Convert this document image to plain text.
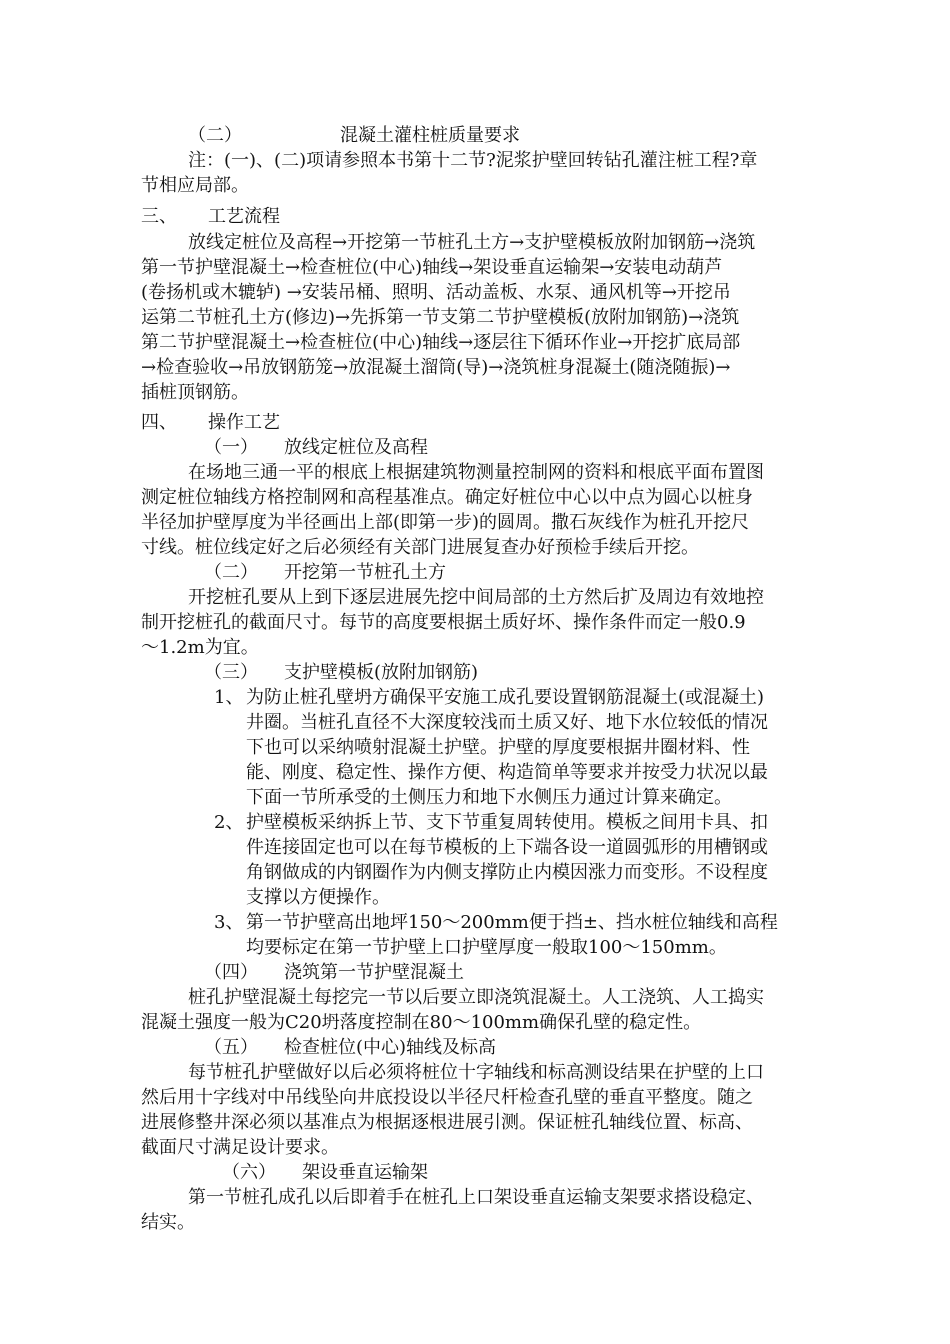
（二）	混凝土灌柱桩质量要求
注：(一)、(二)项请参照本书第十二节?泥浆护壁回转钻孔灌注桩工程?章
节相应局部。
三、 工艺流程
放线定桩位及高程→开挖第一节桩孔土方→支护壁模板放附加钢筋→浇筑
第一节护壁混凝土→检查桩位(中心)轴线→架设垂直运输架→安装电动葫芦
(卷扬机或木辘轳) →安装吊桶、照明、活动盖板、水泵、通风机等→开挖吊
运第二节桩孔土方(修边)→先拆第一节支第二节护壁模板(放附加钢筋)→浇筑
第二节护壁混凝土→检查桩位(中心)轴线→逐层往下循环作业→开挖扩底局部
→检查验收→吊放钢筋笼→放混凝土溜筒(导)→浇筑桩身混凝土(随浇随振)→
插桩顶钢筋。
四、 操作工艺
（一） 放线定桩位及高程
在场地三通一平的根底上根据建筑物测量控制网的资料和根底平面布置图
测定桩位轴线方格控制网和高程基准点。确定好桩位中心以中点为圆心以桩身
半径加护壁厚度为半径画出上部(即第一步)的圆周。撒石灰线作为桩孔开挖尺
寸线。桩位线定好之后必须经有关部门进展复查办好预检手续后开挖。
（二） 开挖第一节桩孔土方
开挖桩孔要从上到下逐层进展先挖中间局部的土方然后扩及周边有效地控
制开挖桩孔的截面尺寸。每节的高度要根据土质好坏、操作条件而定一般0.9
～1.2m为宜。
（三） 支护壁模板(放附加钢筋)
1、 为防止桩孔壁坍方确保平安施工成孔要设置钢筋混凝土(或混凝土)
井圈。当桩孔直径不大深度较浅而土质又好、地下水位较低的情况
下也可以采纳喷射混凝土护壁。护壁的厚度要根据井圈材料、性
能、刚度、稳定性、操作方便、构造简单等要求并按受力状况以最
下面一节所承受的土侧压力和地下水侧压力通过计算来确定。
2、 护壁模板采纳拆上节、支下节重复周转使用。模板之间用卡具、扣
件连接固定也可以在每节模板的上下端各设一道圆弧形的用槽钢或
角钢做成的内钢圈作为内侧支撑防止内模因涨力而变形。不设程度
支撑以方便操作。
3、 第一节护壁高出地坪150～200mm便于挡±、挡水桩位轴线和高程
均要标定在第一节护壁上口护壁厚度一般取100～150mm。
（四） 浇筑第一节护壁混凝土
桩孔护壁混凝土每挖完一节以后要立即浇筑混凝土。人工浇筑、人工捣实
混凝土强度一般为C20坍落度控制在80～100mm确保孔壁的稳定性。
（五） 检查桩位(中心)轴线及标高
每节桩孔护壁做好以后必须将桩位十字轴线和标高测设结果在护壁的上口
然后用十字线对中吊线坠向井底投设以半径尺杆检查孔壁的垂直平整度。随之
进展修整井深必须以基准点为根据逐根进展引测。保证桩孔轴线位置、标高、
截面尺寸满足设计要求。
（六） 架设垂直运输架
第一节桩孔成孔以后即着手在桩孔上口架设垂直运输支架要求搭设稳定、
结实。
